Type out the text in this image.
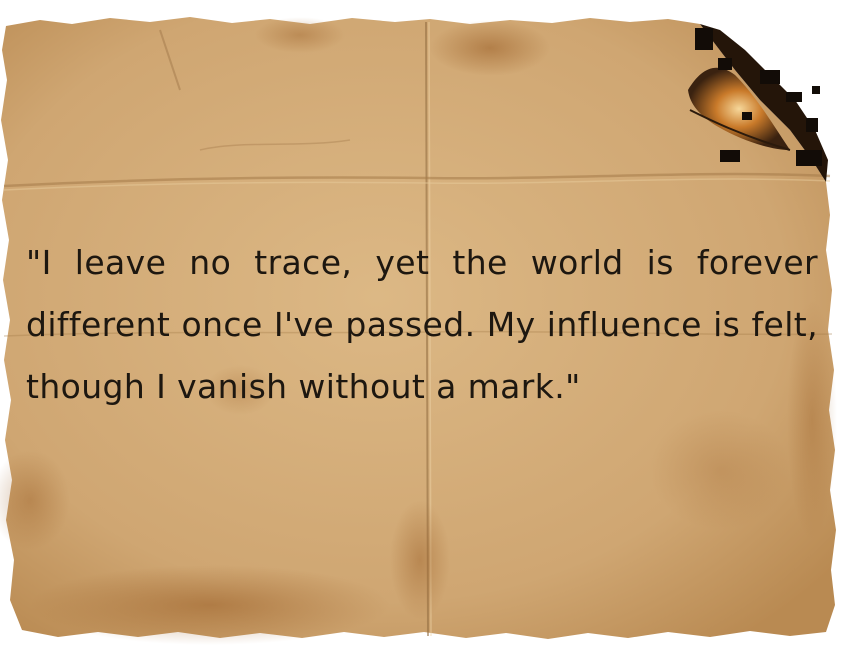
"I leave no trace, yet the world is forever different once I've passed. My influence is felt, though I vanish without a mark."
